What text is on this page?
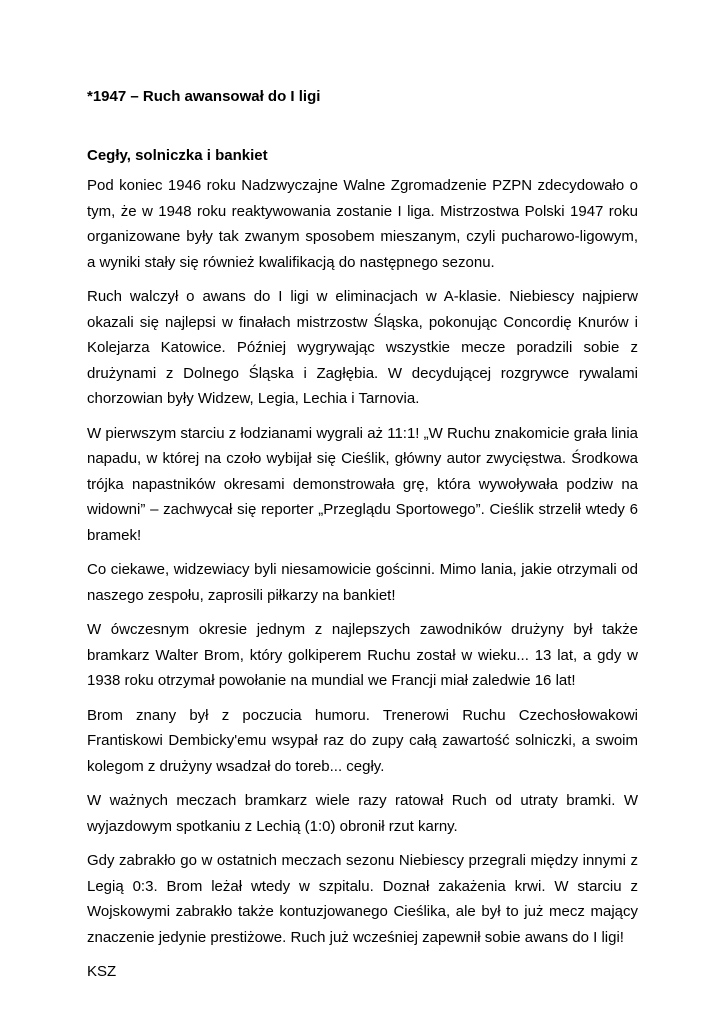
*1947 – Ruch awansował do I ligi
Cegły, solniczka i bankiet

Pod koniec 1946 roku Nadzwyczajne Walne Zgromadzenie PZPN zdecydowało o tym, że w 1948 roku reaktywowania zostanie I liga. Mistrzostwa Polski 1947 roku organizowane były tak zwanym sposobem mieszanym, czyli pucharowo-ligowym, a wyniki stały się również kwalifikacją do następnego sezonu.

Ruch walczył o awans do I ligi w eliminacjach w A-klasie. Niebiescy najpierw okazali się najlepsi w finałach mistrzostw Śląska, pokonując Concordię Knurów i Kolejarza Katowice. Później wygrywając wszystkie mecze poradzili sobie z drużynami z Dolnego Śląska i Zagłębia. W decydującej rozgrywce rywalami chorzowian były Widzew, Legia, Lechia i Tarnovia.

W pierwszym starciu z łodzianami wygrali aż 11:1! „W Ruchu znakomicie grała linia napadu, w której na czoło wybijał się Cieślik, główny autor zwycięstwa. Środkowa trójka napastników okresami demonstrowała grę, która wywoływała podziw na widowni” – zachwycał się reporter „Przeglądu Sportowego”. Cieślik strzelił wtedy 6 bramek!

Co ciekawe, widzewiacy byli niesamowicie gościnni. Mimo lania, jakie otrzymali od naszego zespołu, zaprosili piłkarzy na bankiet!

W ówczesnym okresie jednym z najlepszych zawodników drużyny był także bramkarz Walter Brom, który golkiperem Ruchu został w wieku... 13 lat, a gdy w 1938 roku otrzymał powołanie na mundial we Francji miał zaledwie 16 lat!

Brom znany był z poczucia humoru. Trenerowi Ruchu Czechosłowakowi Frantiskowi Dembicky'emu wsypał raz do zupy całą zawartość solniczki, a swoim kolegom z drużyny wsadzał do toreb... cegły.

W ważnych meczach bramkarz wiele razy ratował Ruch od utraty bramki. W wyjazdowym spotkaniu z Lechią (1:0) obronił rzut karny.

Gdy zabrakło go w ostatnich meczach sezonu Niebiescy przegrali między innymi z Legią 0:3. Brom leżał wtedy w szpitalu. Doznał zakażenia krwi. W starciu z Wojskowymi zabrakło także kontuzjowanego Cieślika, ale był to już mecz mający znaczenie jedynie prestiżowe. Ruch już wcześniej zapewnił sobie awans do I ligi!

KSZ
